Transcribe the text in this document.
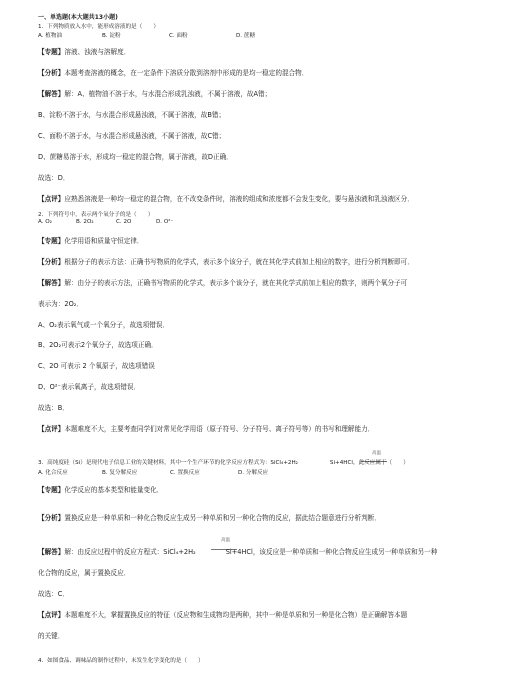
一、单选题(本大题共13小题)
1．下列物质放入水中，能形成溶液的是（　　）
A. 植物油	B. 淀粉	C. 面粉	D. 蔗糖
【专题】溶液、浊液与溶解度．
【分析】本题考查溶液的概念，在一定条件下溶质分散到溶剂中形成的是均一稳定的混合物．
【解答】解：A、植物油不溶于水，与水混合形成乳浊液，不属于溶液，故A错；
B、淀粉不溶于水，与水混合形成悬浊液，不属于溶液，故B错；
C、面粉不溶于水，与水混合形成悬浊液，不属于溶液，故C错；
D、蔗糖易溶于水，形成均一稳定的混合物，属于溶液，故D正确．
故选：D．
【点评】应熟悉溶液是一种均一稳定的混合物，在不改变条件时，溶液的组成和浓度都不会发生变化，要与悬浊液和乳浊液区分．
2．下列符号中，表示两个氧分子的是（　　）
A. O₂	B. 2O₂	C. 2O	D. O²⁻
【专题】化学用语和质量守恒定律．
【分析】根据分子的表示方法：正确书写物质的化学式，表示多个该分子，就在其化学式前加上相应的数字，进行分析判断即可．
【解答】解：由分子的表示方法，正确书写物质的化学式，表示多个该分子，就在其化学式前加上相应的数字，则两个氧分子可
表示为：2O₂．
A、O₂表示氧气或一个氧分子，故选项错误．
B、2O₂可表示2个氧分子，故选项正确．
C、2O 可表示 2 个氧原子，故选项错误
D、O²⁻表示氧离子，故选项错误．
故选：B．
【点评】本题难度不大，主要考查同学们对常见化学用语（原子符号、分子符号、离子符号等）的书写和理解能力．
高温
3．高纯度硅（Si）是现代电子信息工业的关键材料，其中一个生产环节的化学反应方程式为：SiCl₄+2H₂	Si+4HCl，此反应属于（　　）
A. 化合反应	B. 复分解反应	C. 置换反应	D. 分解反应
【专题】化学反应的基本类型和能量变化．
【分析】置换反应是一种单质和一种化合物反应生成另一种单质和另一种化合物的反应，据此结合题意进行分析判断．
高温
【解答】解：由反应过程中的反应方程式：SiCl₄+2H₂	Si+4HCl，该反应是一种单质和一种化合物反应生成另一种单质和另一种
化合物的反应，属于置换反应．
故选：C．
【点评】本题难度不大，掌握置换反应的特征（反应物和生成物均是两种，其中一种是单质和另一种是化合物）是正确解答本题
的关键．
4．如图食品、调味品的制作过程中，未发生化学变化的是（　　）
